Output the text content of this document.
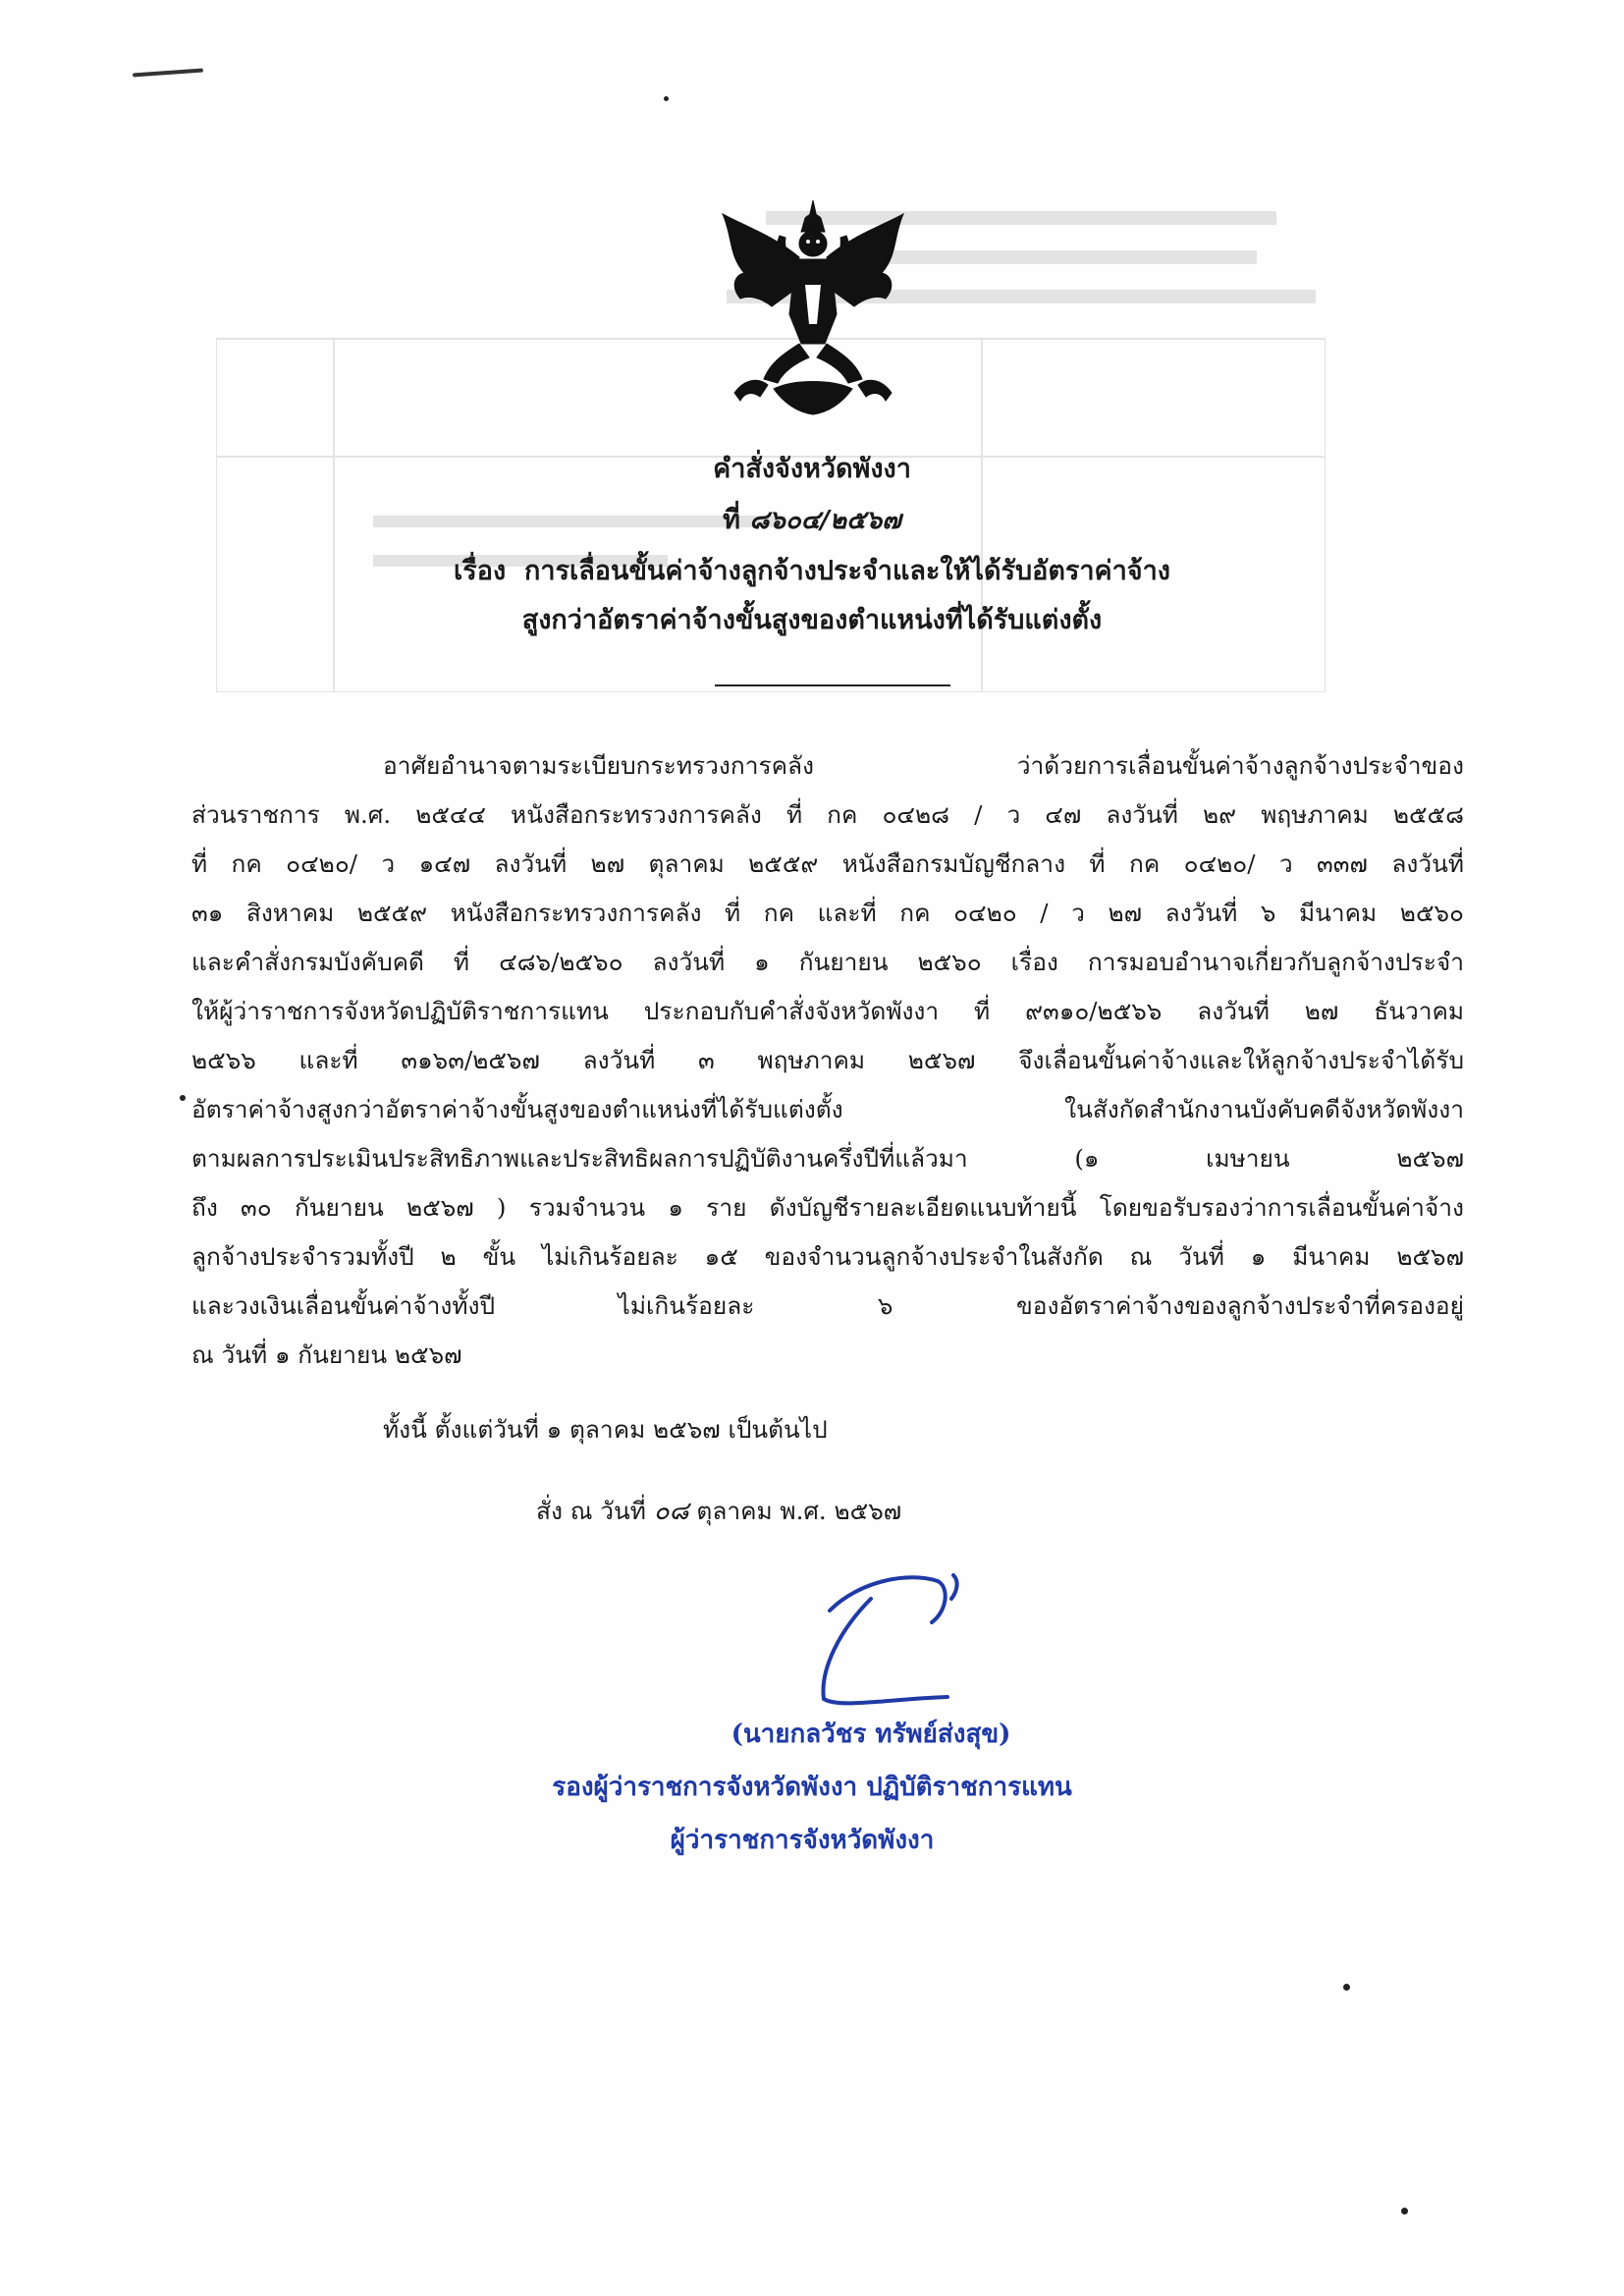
คำสั่งจังหวัดพังงา
ที่ ๘๖๐๔/๒๕๖๗
เรื่อง การเลื่อนขั้นค่าจ้างลูกจ้างประจำและให้ได้รับอัตราค่าจ้าง
สูงกว่าอัตราค่าจ้างขั้นสูงของตำแหน่งที่ได้รับแต่งตั้ง
อาศัยอำนาจตามระเบียบกระทรวงการคลัง ว่าด้วยการเลื่อนขั้นค่าจ้างลูกจ้างประจำของ
ส่วนราชการ พ.ศ. ๒๕๔๔ หนังสือกระทรวงการคลัง ที่ กค ๐๔๒๘ / ว ๔๗ ลงวันที่ ๒๙ พฤษภาคม ๒๕๕๘
ที่ กค ๐๔๒๐/ ว ๑๔๗ ลงวันที่ ๒๗ ตุลาคม ๒๕๕๙ หนังสือกรมบัญชีกลาง ที่ กค ๐๔๒๐/ ว ๓๓๗ ลงวันที่
๓๑ สิงหาคม ๒๕๕๙ หนังสือกระทรวงการคลัง ที่ กค และที่ กค ๐๔๒๐ / ว ๒๗ ลงวันที่ ๖ มีนาคม ๒๕๖๐
และคำสั่งกรมบังคับคดี ที่ ๔๘๖/๒๕๖๐ ลงวันที่ ๑ กันยายน ๒๕๖๐ เรื่อง การมอบอำนาจเกี่ยวกับลูกจ้างประจำ
ให้ผู้ว่าราชการจังหวัดปฏิบัติราชการแทน ประกอบกับคำสั่งจังหวัดพังงา ที่ ๙๓๑๐/๒๕๖๖ ลงวันที่ ๒๗ ธันวาคม
๒๕๖๖ และที่ ๓๑๖๓/๒๕๖๗ ลงวันที่ ๓ พฤษภาคม ๒๕๖๗ จึงเลื่อนขั้นค่าจ้างและให้ลูกจ้างประจำได้รับ
อัตราค่าจ้างสูงกว่าอัตราค่าจ้างขั้นสูงของตำแหน่งที่ได้รับแต่งตั้ง ในสังกัดสำนักงานบังคับคดีจังหวัดพังงา
ตามผลการประเมินประสิทธิภาพและประสิทธิผลการปฏิบัติงานครึ่งปีที่แล้วมา (๑ เมษายน ๒๕๖๗
ถึง ๓๐ กันยายน ๒๕๖๗ ) รวมจำนวน ๑ ราย ดังบัญชีรายละเอียดแนบท้ายนี้ โดยขอรับรองว่าการเลื่อนขั้นค่าจ้าง
ลูกจ้างประจำรวมทั้งปี ๒ ขั้น ไม่เกินร้อยละ ๑๕ ของจำนวนลูกจ้างประจำในสังกัด ณ วันที่ ๑ มีนาคม ๒๕๖๗
และวงเงินเลื่อนขั้นค่าจ้างทั้งปี ไม่เกินร้อยละ ๖ ของอัตราค่าจ้างของลูกจ้างประจำที่ครองอยู่
ณ วันที่ ๑ กันยายน ๒๕๖๗
ทั้งนี้ ตั้งแต่วันที่ ๑ ตุลาคม ๒๕๖๗ เป็นต้นไป
สั่ง ณ วันที่ ๐๘ ตุลาคม พ.ศ. ๒๕๖๗
(นายกลวัชร ทรัพย์ส่งสุข)
รองผู้ว่าราชการจังหวัดพังงา ปฏิบัติราชการแทน
ผู้ว่าราชการจังหวัดพังงา
